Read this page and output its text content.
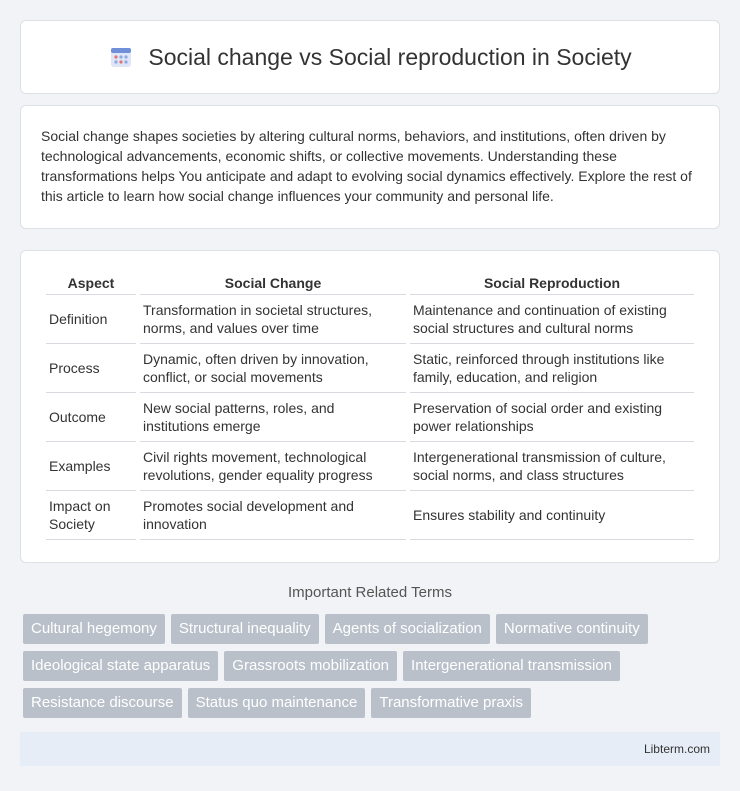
Social change vs Social reproduction in Society

Social change shapes societies by altering cultural norms, behaviors, and institutions, often driven by technological advancements, economic shifts, or collective movements. Understanding these transformations helps You anticipate and adapt to evolving social dynamics effectively. Explore the rest of this article to learn how social change influences your community and personal life.

Aspect	Social Change	Social Reproduction
Definition	Transformation in societal structures, norms, and values over time	Maintenance and continuation of existing social structures and cultural norms
Process	Dynamic, often driven by innovation, conflict, or social movements	Static, reinforced through institutions like family, education, and religion
Outcome	New social patterns, roles, and institutions emerge	Preservation of social order and existing power relationships
Examples	Civil rights movement, technological revolutions, gender equality progress	Intergenerational transmission of culture, social norms, and class structures
Impact on Society	Promotes social development and innovation	Ensures stability and continuity
Important Related Terms
Cultural hegemony	Structural inequality	Agents of socialization	Normative continuity
Ideological state apparatus	Grassroots mobilization	Intergenerational transmission
Resistance discourse	Status quo maintenance	Transformative praxis
Libterm.com
